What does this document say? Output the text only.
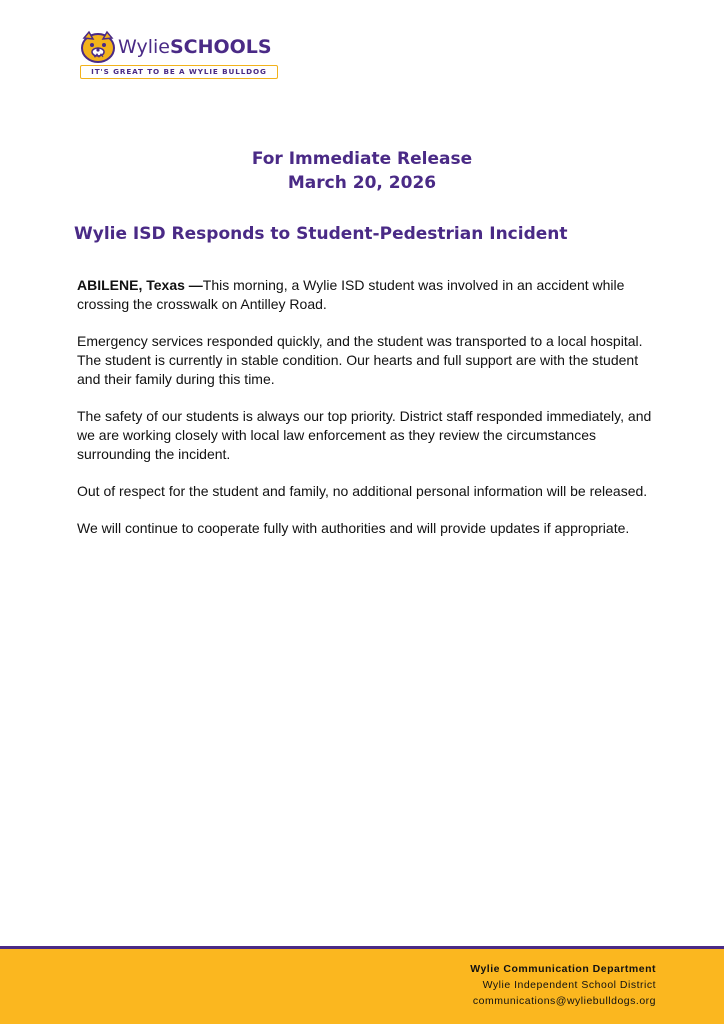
WylieSCHOOLS
IT'S GREAT TO BE A WYLIE BULLDOG
For Immediate Release
March 20, 2026
Wylie ISD Responds to Student-Pedestrian Incident

ABILENE, Texas —This morning, a Wylie ISD student was involved in an accident while crossing the crosswalk on Antilley Road.

Emergency services responded quickly, and the student was transported to a local hospital. The student is currently in stable condition. Our hearts and full support are with the student and their family during this time.

The safety of our students is always our top priority. District staff responded immediately, and we are working closely with local law enforcement as they review the circumstances surrounding the incident.

Out of respect for the student and family, no additional personal information will be released.

We will continue to cooperate fully with authorities and will provide updates if appropriate.

Wylie Communication Department
Wylie Independent School District
communications@wyliebulldogs.org
